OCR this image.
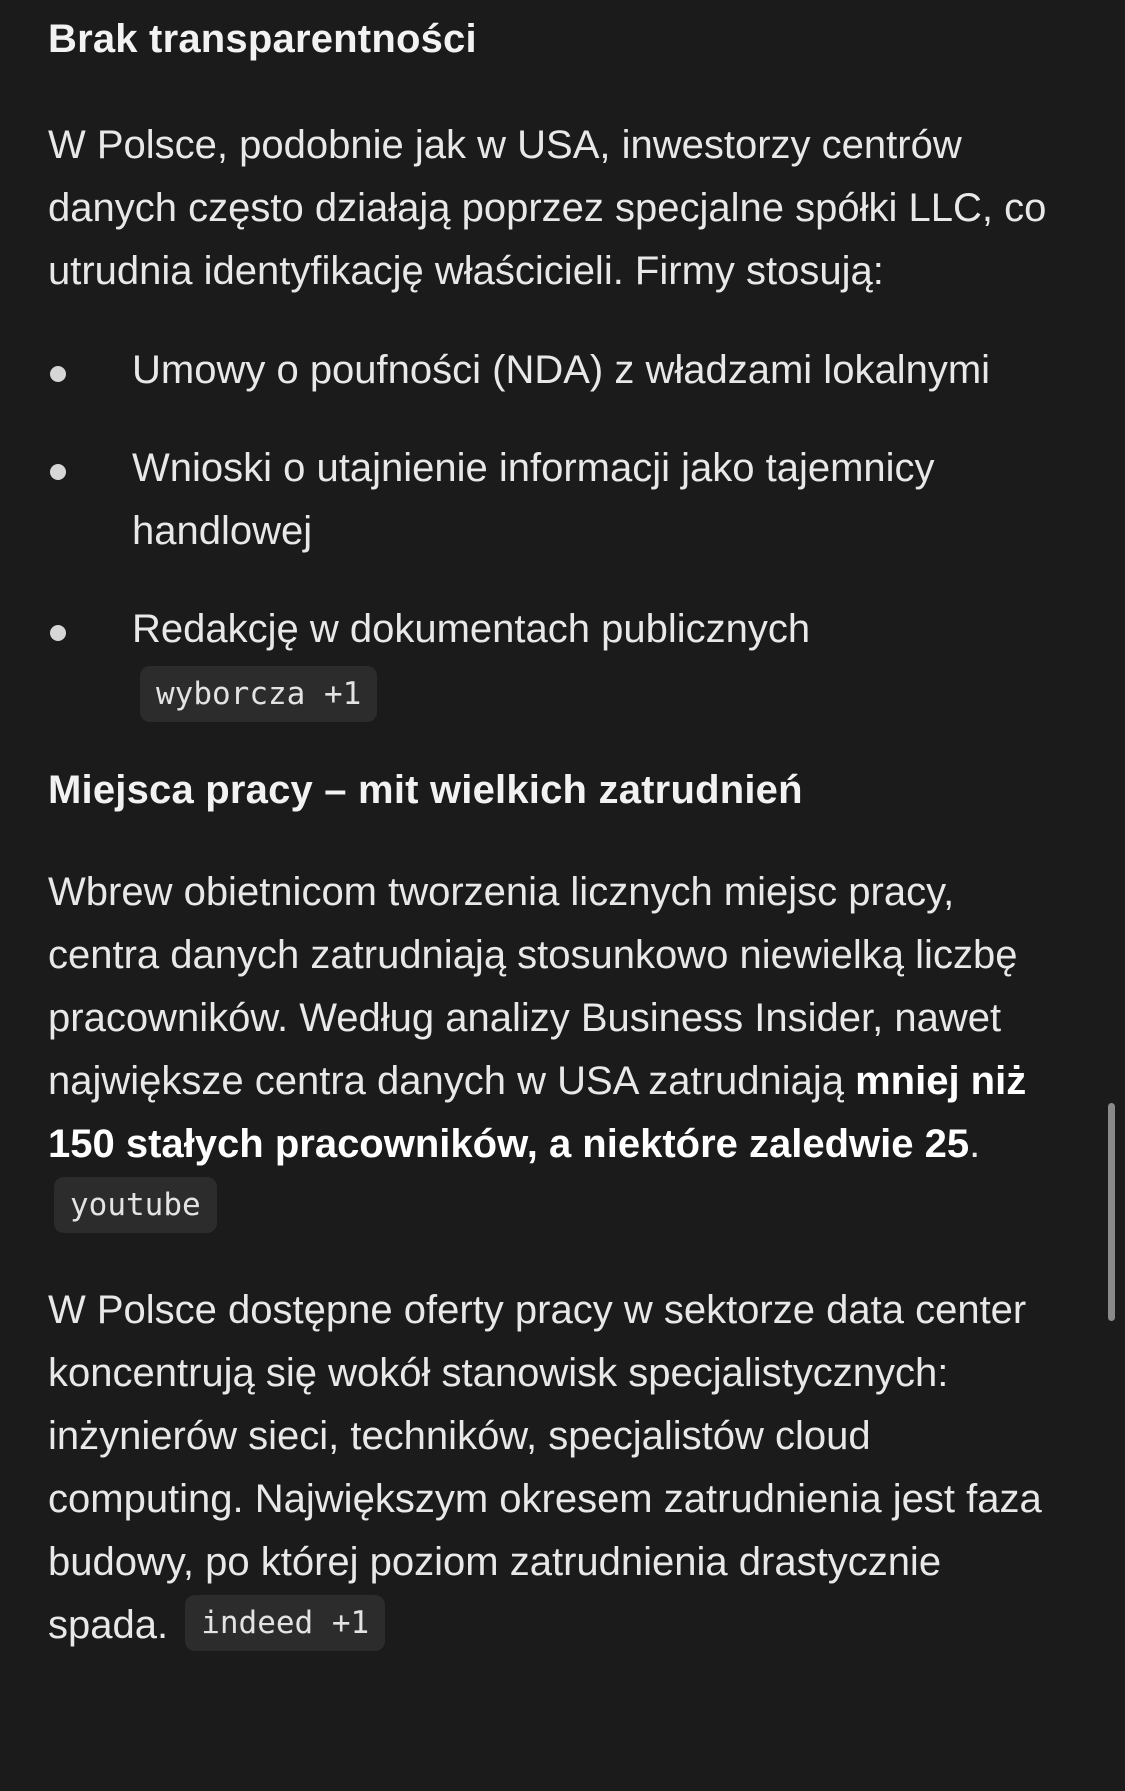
Brak transparentności

W Polsce, podobnie jak w USA, inwestorzy centrów danych często działają poprzez specjalne spółki LLC, co utrudnia identyfikację właścicieli. Firmy stosują:

Umowy o poufności (NDA) z władzami lokalnymi
Wnioski o utajnienie informacji jako tajemnicy handlowej
Redakcję w dokumentach publicznych
wyborcza +1
Miejsca pracy – mit wielkich zatrudnień

Wbrew obietnicom tworzenia licznych miejsc pracy, centra danych zatrudniają stosunkowo niewielką liczbę pracowników. Według analizy Business Insider, nawet największe centra danych w USA zatrudniają mniej niż 150 stałych pracowników, a niektóre zaledwie 25. youtube

W Polsce dostępne oferty pracy w sektorze data center koncentrują się wokół stanowisk specjalistycznych: inżynierów sieci, techników, specjalistów cloud computing. Największym okresem zatrudnienia jest faza budowy, po której poziom zatrudnienia drastycznie spada. indeed +1
